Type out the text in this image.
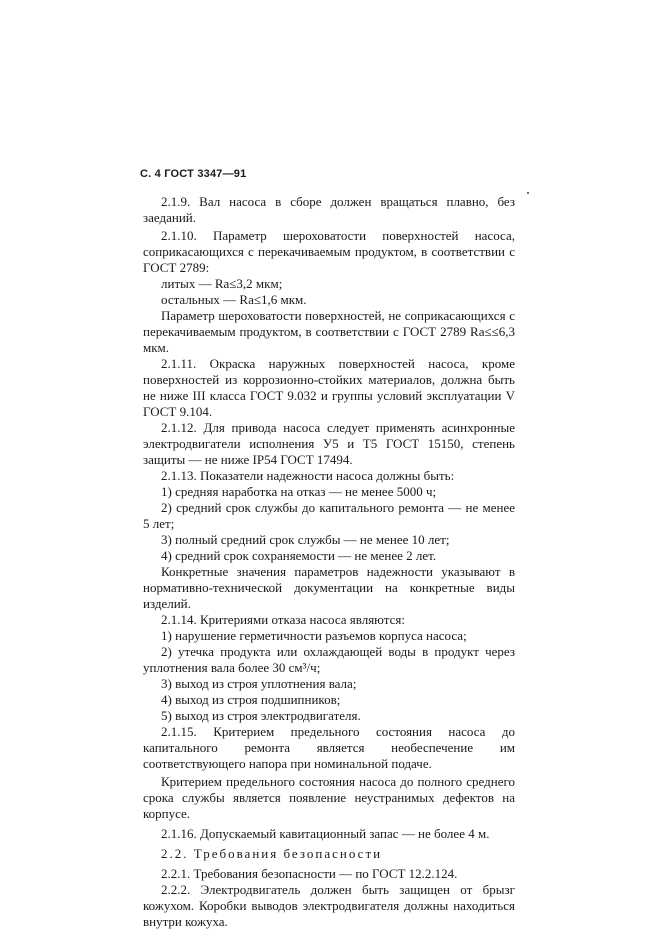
С. 4 ГОСТ 3347—91

2.1.9. Вал насоса в сборе должен вращаться плавно, без заеданий.

2.1.10. Параметр шероховатости поверхностей насоса, соприкасающихся с перекачиваемым продуктом, в соответствии с ГОСТ 2789:

литых — Ra≤3,2 мкм;

остальных — Ra≤1,6 мкм.

Параметр шероховатости поверхностей, не соприкасающихся с перекачиваемым продуктом, в соответствии с ГОСТ 2789 Ra≤≤6,3 мкм.

2.1.11. Окраска наружных поверхностей насоса, кроме поверхностей из коррозионно-стойких материалов, должна быть не ниже III класса ГОСТ 9.032 и группы условий эксплуатации V ГОСТ 9.104.

2.1.12. Для привода насоса следует применять асинхронные электродвигатели исполнения У5 и Т5 ГОСТ 15150, степень защиты — не ниже IP54 ГОСТ 17494.

2.1.13. Показатели надежности насоса должны быть:

1) средняя наработка на отказ — не менее 5000 ч;

2) средний срок службы до капитального ремонта — не менее 5 лет;

3) полный средний срок службы — не менее 10 лет;

4) средний срок сохраняемости — не менее 2 лет.

Конкретные значения параметров надежности указывают в нормативно-технической документации на конкретные виды изделий.

2.1.14. Критериями отказа насоса являются:

1) нарушение герметичности разъемов корпуса насоса;

2) утечка продукта или охлаждающей воды в продукт через уплотнения вала более 30 см³/ч;

3) выход из строя уплотнения вала;

4) выход из строя подшипников;

5) выход из строя электродвигателя.

2.1.15. Критерием предельного состояния насоса до капитального ремонта является необеспечение им соответствующего напора при номинальной подаче.

Критерием предельного состояния насоса до полного среднего срока службы является появление неустранимых дефектов на корпусе.

2.1.16. Допускаемый кавитационный запас — не более 4 м.

2.2. Требования безопасности

2.2.1. Требования безопасности — по ГОСТ 12.2.124.

2.2.2. Электродвигатель должен быть защищен от брызг кожухом. Коробки выводов электродвигателя должны находиться внутри кожуха.
